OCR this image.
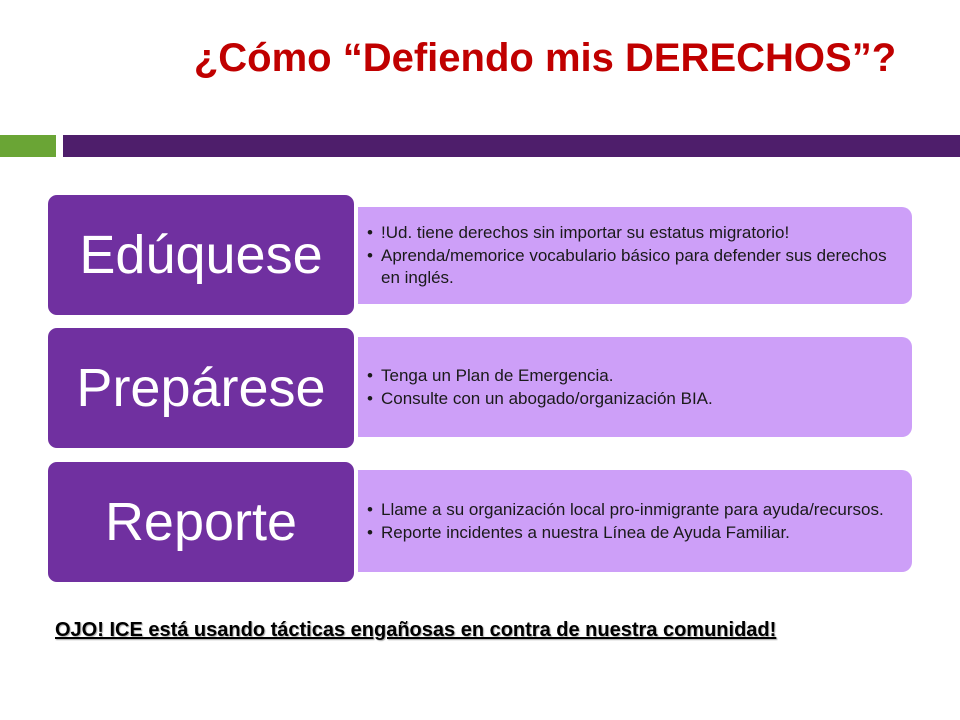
¿Cómo “Defiendo mis DERECHOS”?
• !Ud. tiene derechos sin importar su estatus migratorio!
• Aprenda/memorice vocabulario básico para defender sus derechos en inglés.
Edúquese
• Tenga un Plan de Emergencia.
• Consulte con un abogado/organización BIA.
Prepárese
• Llame a su organización local pro-inmigrante para ayuda/recursos.
• Reporte incidentes a nuestra Línea de Ayuda Familiar.
Reporte
OJO! ICE está usando tácticas engañosas en contra de nuestra comunidad!
